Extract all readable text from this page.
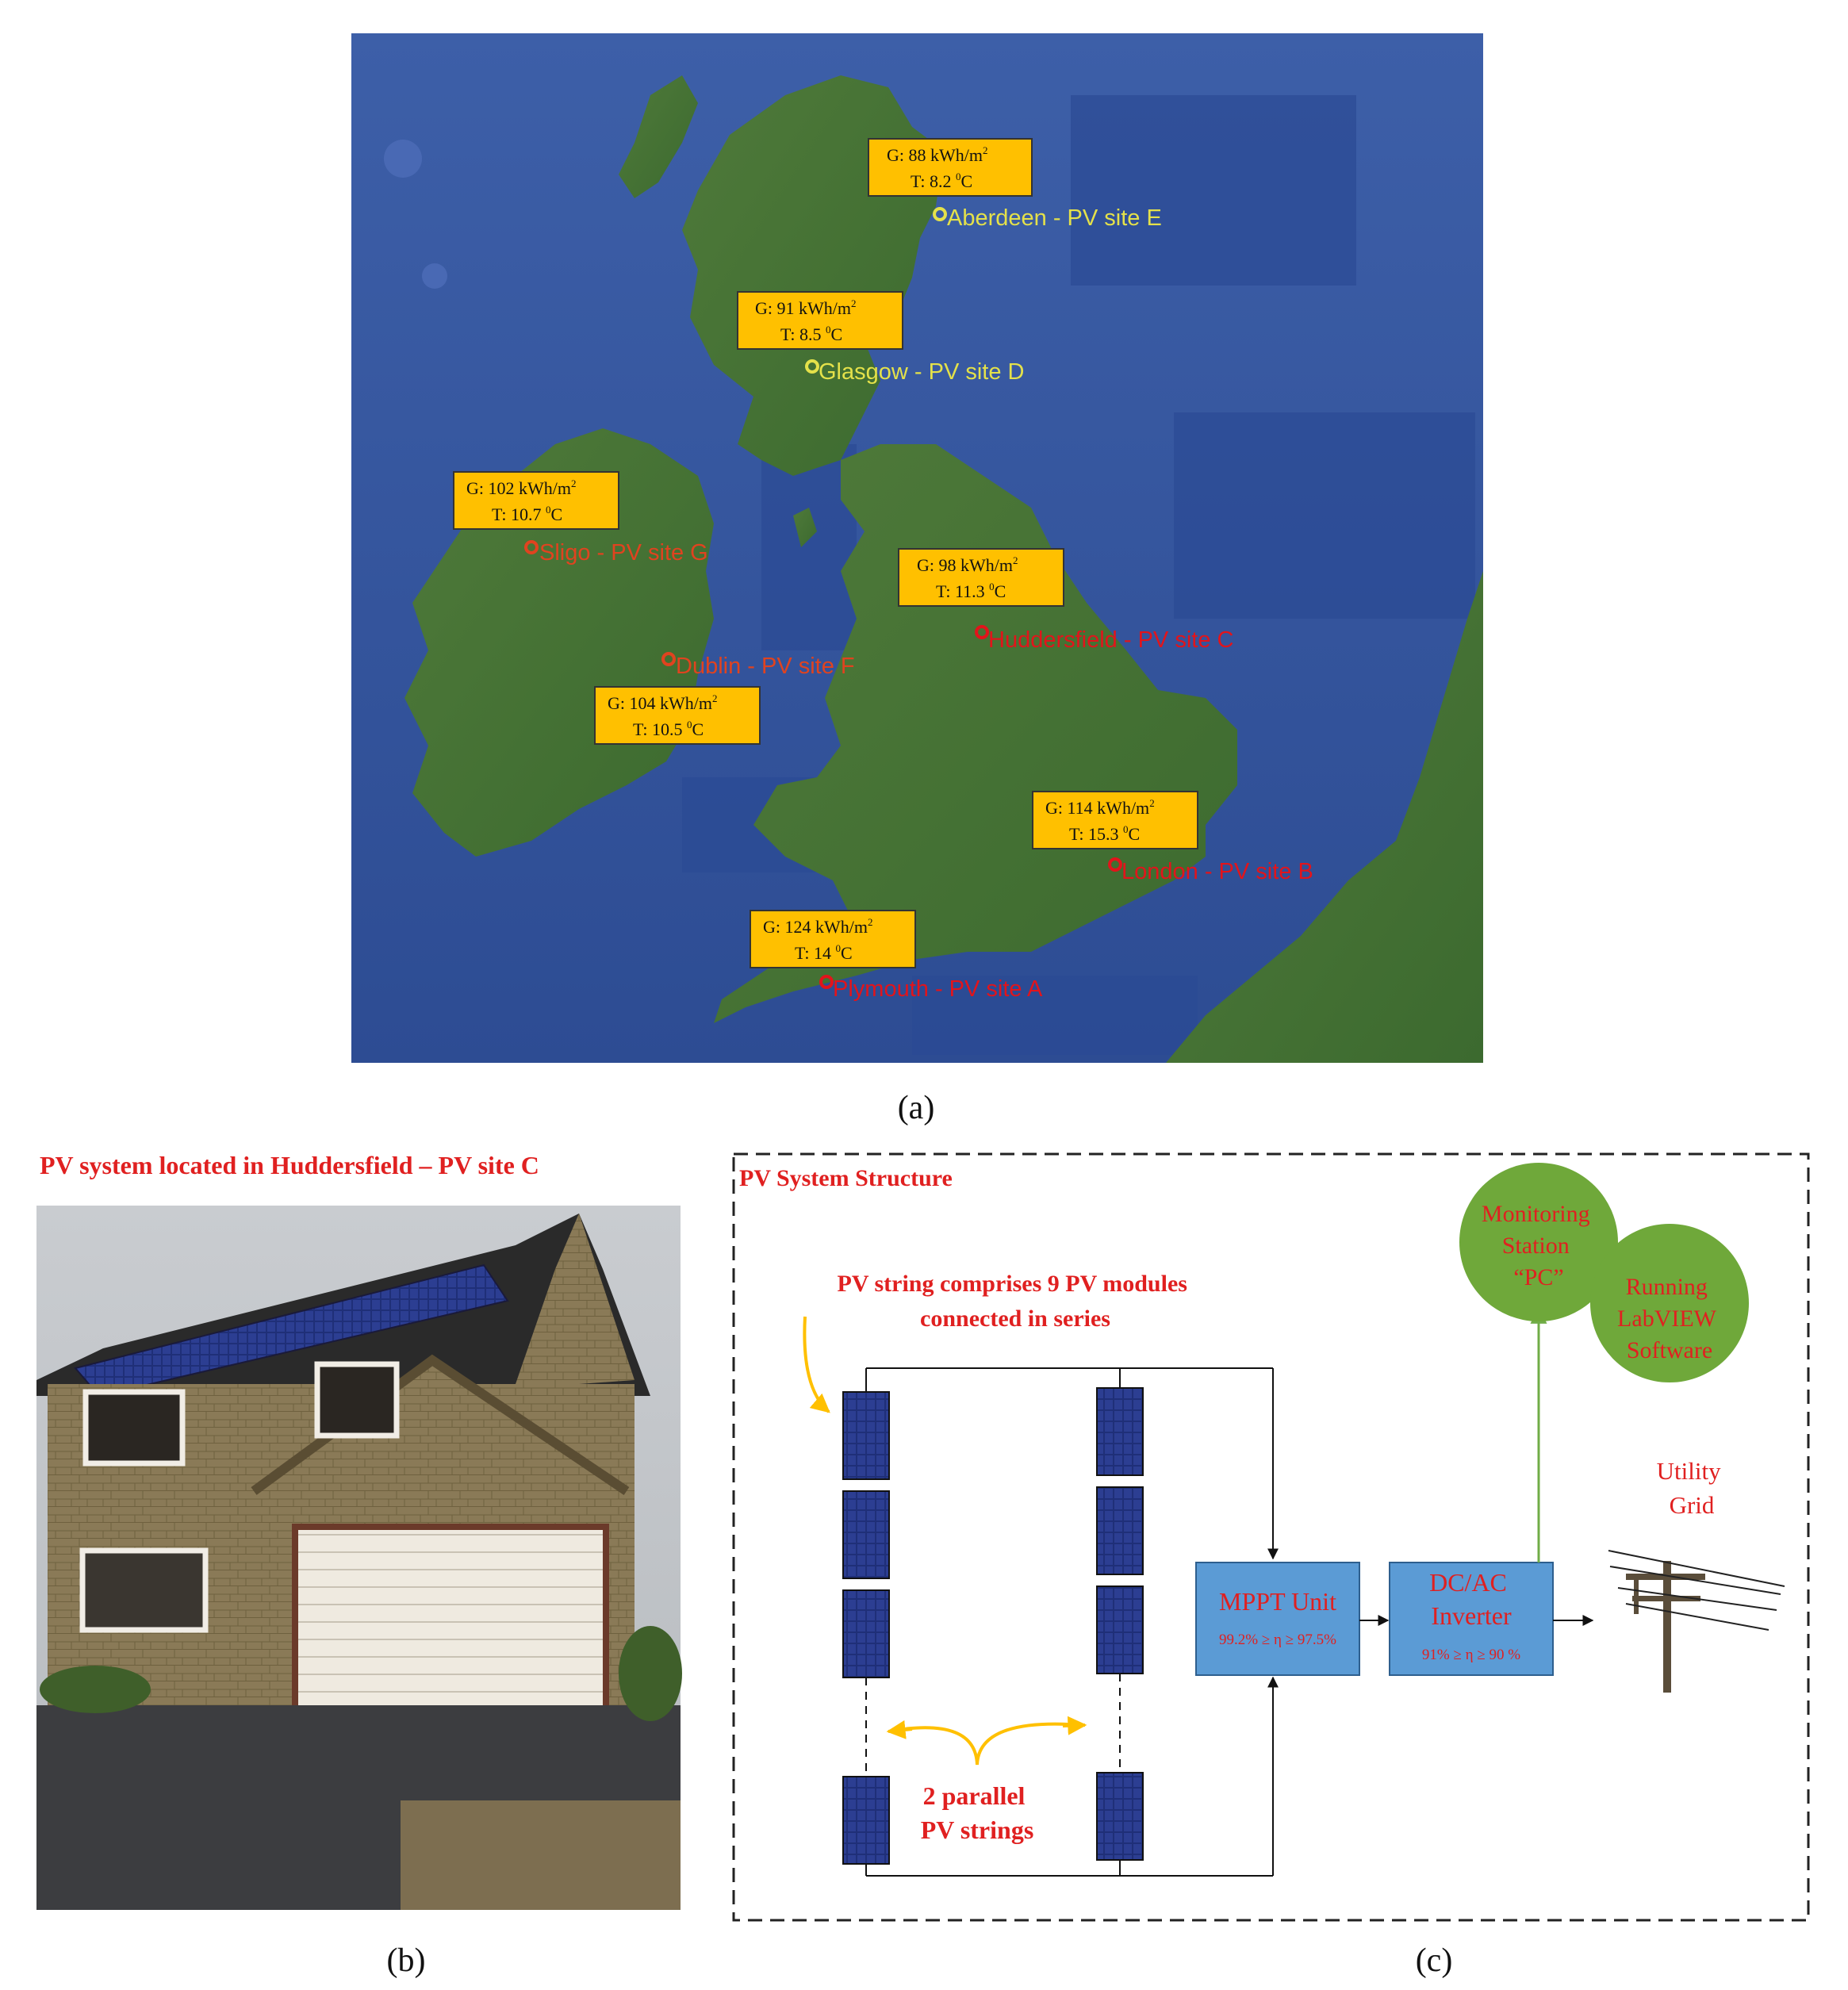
G: 88 kWh/$m^2$
T: 8.2 $^0$C
Aberdeen - PV site E
G: 91 kWh/$m^2$
T: 8.5 $^0$C
Glasgow - PV site D
G: 102 kWh/$m^2$
T: 10.7 $^0$C
Sligo - PV site G	G: 98 kWh/$m^2$
T: 11.3 $^0$C
Huddersfield - PV site C
G: 104 kWh/$m^2$
T: 10.5 $^0$C
Dublin - PV site F
G: 114 kWh/$m^2$
T: 15.3 $^0$C
London - PV site B
G: 124 kWh/$m^2$
T: 14 $^0$C
Plymouth - PV site A
(a)
PV system located in Huddersfield – PV site C
(b)
PV System Structure
PV string comprises 9 PV modules connected in series
2 parallel PV strings
MPPT Unit
99.2% ≥ η ≥ 97.5%
DC/AC Inverter
91% ≥ η ≥ 90 %
Monitoring Station “PC”	Running LabVIEW Software
Utility Grid
(c)
